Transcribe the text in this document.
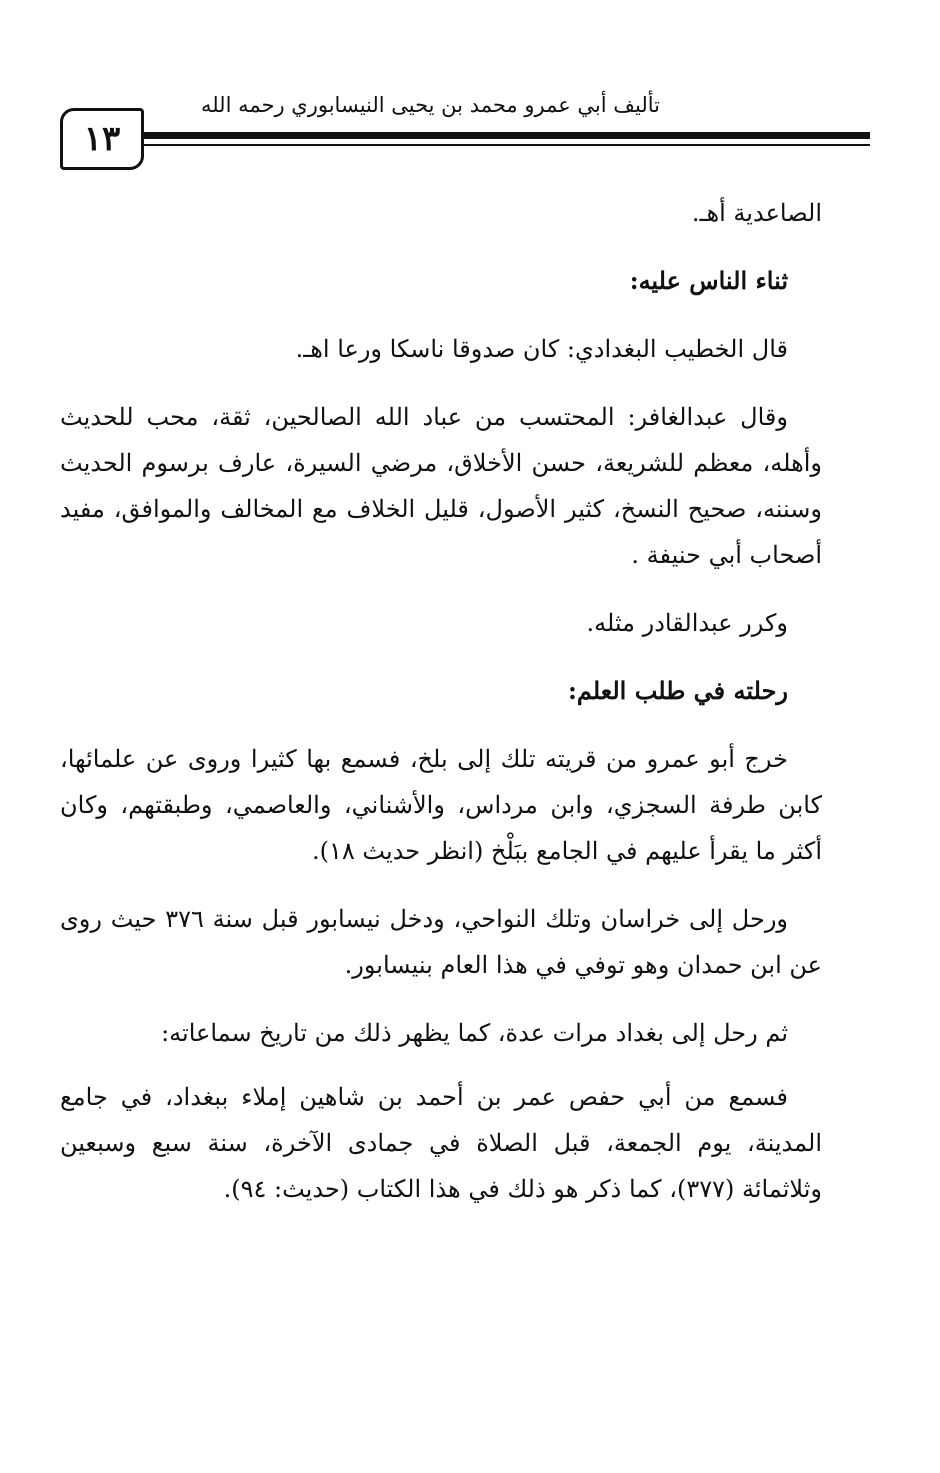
تأليف أبي عمرو محمد بن يحيى النيسابوري رحمه الله
١٣

الصاعدية أهـ.

ثناء الناس عليه:

قال الخطيب البغدادي: كان صدوقا ناسكا ورعا اهـ.

وقال عبدالغافر: المحتسب من عباد الله الصالحين، ثقة، محب للحديث وأهله، معظم للشريعة، حسن الأخلاق، مرضي السيرة، عارف برسوم الحديث وسننه، صحيح النسخ، كثير الأصول، قليل الخلاف مع المخالف والموافق، مفيد أصحاب أبي حنيفة .

وكرر عبدالقادر مثله.

رحلته في طلب العلم:

خرج أبو عمرو من قريته تلك إلى بلخ، فسمع بها كثيرا وروى عن علمائها، كابن طرفة السجزي، وابن مرداس، والأشناني، والعاصمي، وطبقتهم، وكان أكثر ما يقرأ عليهم في الجامع ببَلْخ (انظر حديث ١٨).

ورحل إلى خراسان وتلك النواحي، ودخل نيسابور قبل سنة ٣٧٦ حيث روى عن ابن حمدان وهو توفي في هذا العام بنيسابور.

ثم رحل إلى بغداد مرات عدة، كما يظهر ذلك من تاريخ سماعاته:

فسمع من أبي حفص عمر بن أحمد بن شاهين إملاء ببغداد، في جامع المدينة، يوم الجمعة، قبل الصلاة في جمادى الآخرة، سنة سبع وسبعين وثلاثمائة (٣٧٧)، كما ذكر هو ذلك في هذا الكتاب (حديث: ٩٤).
